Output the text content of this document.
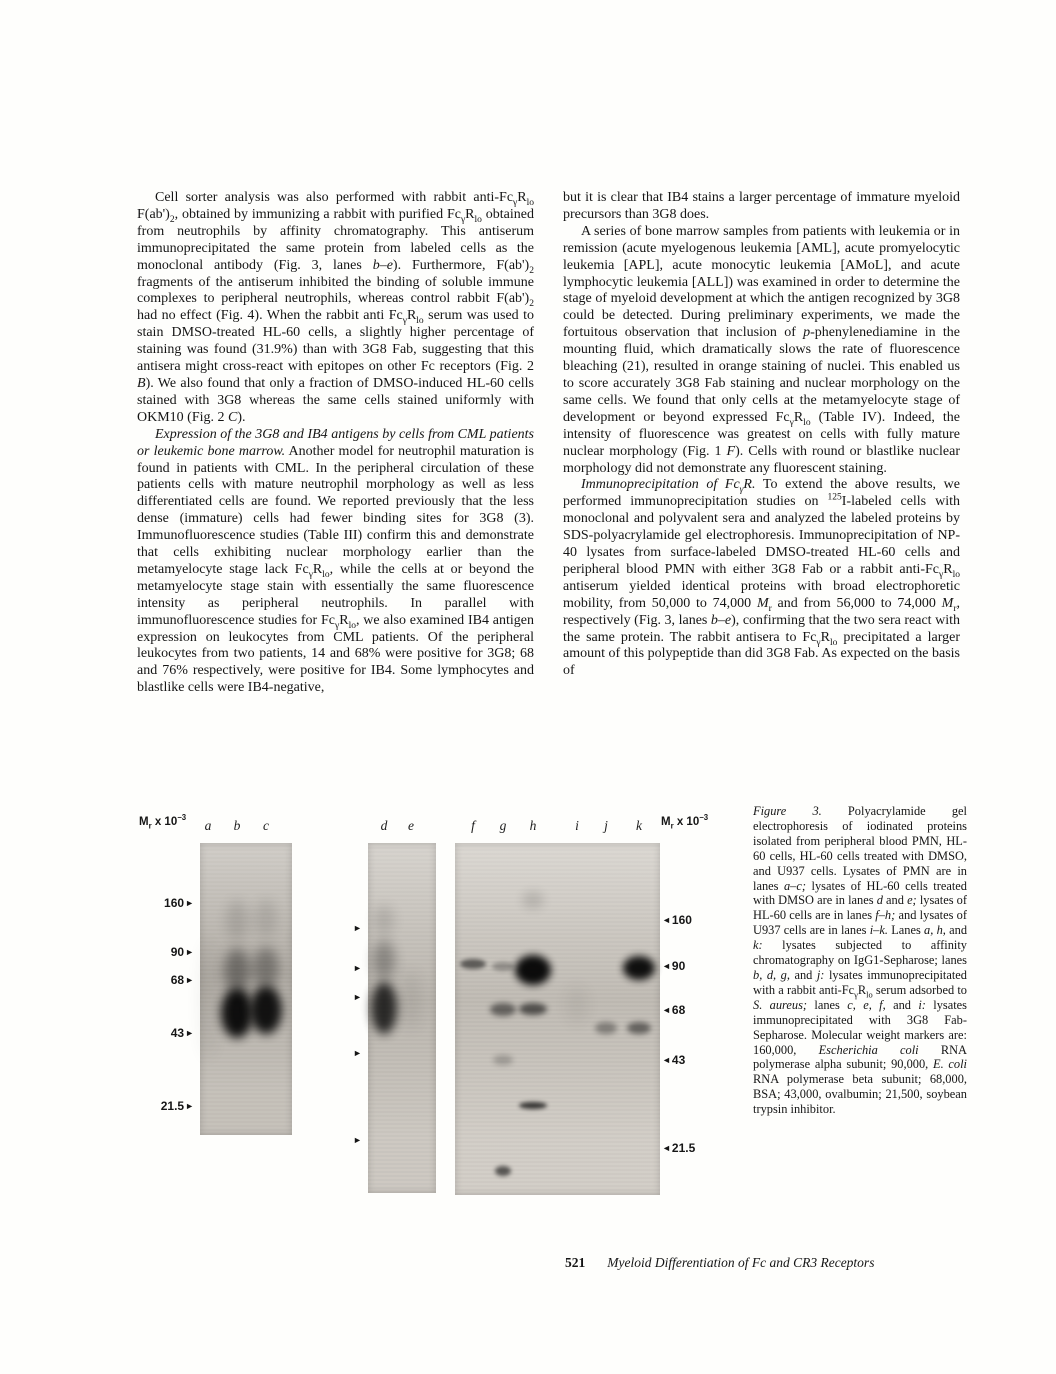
Cell sorter analysis was also performed with rabbit anti-$Fc_\gamma R_{lo}$ $F(ab')_2$, obtained by immunizing a rabbit with purified $Fc_\gamma R_{lo}$ obtained from neutrophils by affinity chromatography. This antiserum immunoprecipitated the same protein from labeled cells as the monoclonal antibody (Fig. 3, lanes b–e). Furthermore, $F(ab')_2$ fragments of the antiserum inhibited the binding of soluble immune complexes to peripheral neutrophils, whereas control rabbit $F(ab')_2$ had no effect (Fig. 4). When the rabbit anti $Fc_\gamma R_{lo}$ serum was used to stain DMSO-treated HL-60 cells, a slightly higher percentage of staining was found (31.9%) than with 3G8 Fab, suggesting that this antisera might cross-react with epitopes on other Fc receptors (Fig. 2 B). We also found that only a fraction of DMSO-induced HL-60 cells stained with 3G8 whereas the same cells stained uniformly with OKM10 (Fig. 2 C).

Expression of the 3G8 and IB4 antigens by cells from CML patients or leukemic bone marrow. Another model for neutrophil maturation is found in patients with CML. In the peripheral circulation of these patients cells with mature neutrophil morphology as well as less differentiated cells are found. We reported previously that the less dense (immature) cells had fewer binding sites for 3G8 (3). Immunofluorescence studies (Table III) confirm this and demonstrate that cells exhibiting nuclear morphology earlier than the metamyelocyte stage lack $Fc_\gamma R_{lo}$, while the cells at or beyond the metamyelocyte stage stain with essentially the same fluorescence intensity as peripheral neutrophils. In parallel with immunofluorescence studies for $Fc_\gamma R_{lo}$, we also examined IB4 antigen expression on leukocytes from CML patients. Of the peripheral leukocytes from two patients, 14 and 68% were positive for 3G8; 68 and 76% respectively, were positive for IB4. Some lymphocytes and blastlike cells were IB4-negative,

but it is clear that IB4 stains a larger percentage of immature myeloid precursors than 3G8 does.

A series of bone marrow samples from patients with leukemia or in remission (acute myelogenous leukemia [AML], acute promyelocytic leukemia [APL], acute monocytic leukemia [AMoL], and acute lymphocytic leukemia [ALL]) was examined in order to determine the stage of myeloid development at which the antigen recognized by 3G8 could be detected. During preliminary experiments, we made the fortuitous observation that inclusion of p-phenylenediamine in the mounting fluid, which dramatically slows the rate of fluorescence bleaching (21), resulted in orange staining of nuclei. This enabled us to score accurately 3G8 Fab staining and nuclear morphology on the same cells. We found that only cells at the metamyelocyte stage of development or beyond expressed $Fc_\gamma R_{lo}$ (Table IV). Indeed, the intensity of fluorescence was greatest on cells with fully mature nuclear morphology (Fig. 1 F). Cells with round or blastlike nuclear morphology did not demonstrate any fluorescent staining.

Immunoprecipitation of $Fc_\gamma R$. To extend the above results, we performed immunoprecipitation studies on $^{125}$I-labeled cells with monoclonal and polyvalent sera and analyzed the labeled proteins by SDS-polyacrylamide gel electrophoresis. Immunoprecipitation of NP-40 lysates from surface-labeled DMSO-treated HL-60 cells and peripheral blood PMN with either 3G8 Fab or a rabbit anti-$Fc_\gamma R_{lo}$ antiserum yielded identical proteins with broad electrophoretic mobility, from 50,000 to 74,000 $M_r$ and from 56,000 to 74,000 $M_r$, respectively (Fig. 3, lanes b–e), confirming that the two sera react with the same protein. The rabbit antisera to $Fc_\gamma R_{lo}$ precipitated a larger amount of this polypeptide than did 3G8 Fab. As expected on the basis of

$M_r$ x $10^{-3}$	$M_r$ x $10^{-3}$
a b c	d e	f g h	i j k
160►
90►
68►
43►
21.5►
►
►
►
►
►
◄160
◄90
◄68
◄43
◄21.5
Figure 3. Polyacrylamide gel electrophoresis of iodinated proteins isolated from peripheral blood PMN, HL-60 cells, HL-60 cells treated with DMSO, and U937 cells. Lysates of PMN are in lanes a–c; lysates of HL-60 cells treated with DMSO are in lanes d and e; lysates of HL-60 cells are in lanes f–h; and lysates of U937 cells are in lanes i–k. Lanes a, h, and k: lysates subjected to affinity chromatography on IgG1-Sepharose; lanes b, d, g, and j: lysates immunoprecipitated with a rabbit anti-$Fc_\gamma R_{lo}$ serum adsorbed to S. aureus; lanes c, e, f, and i: lysates immunoprecipitated with 3G8 Fab-Sepharose. Molecular weight markers are: 160,000, Escherichia coli RNA polymerase alpha subunit; 90,000, E. coli RNA polymerase beta subunit; 68,000, BSA; 43,000, ovalbumin; 21,500, soybean trypsin inhibitor.
521 Myeloid Differentiation of Fc and CR3 Receptors
